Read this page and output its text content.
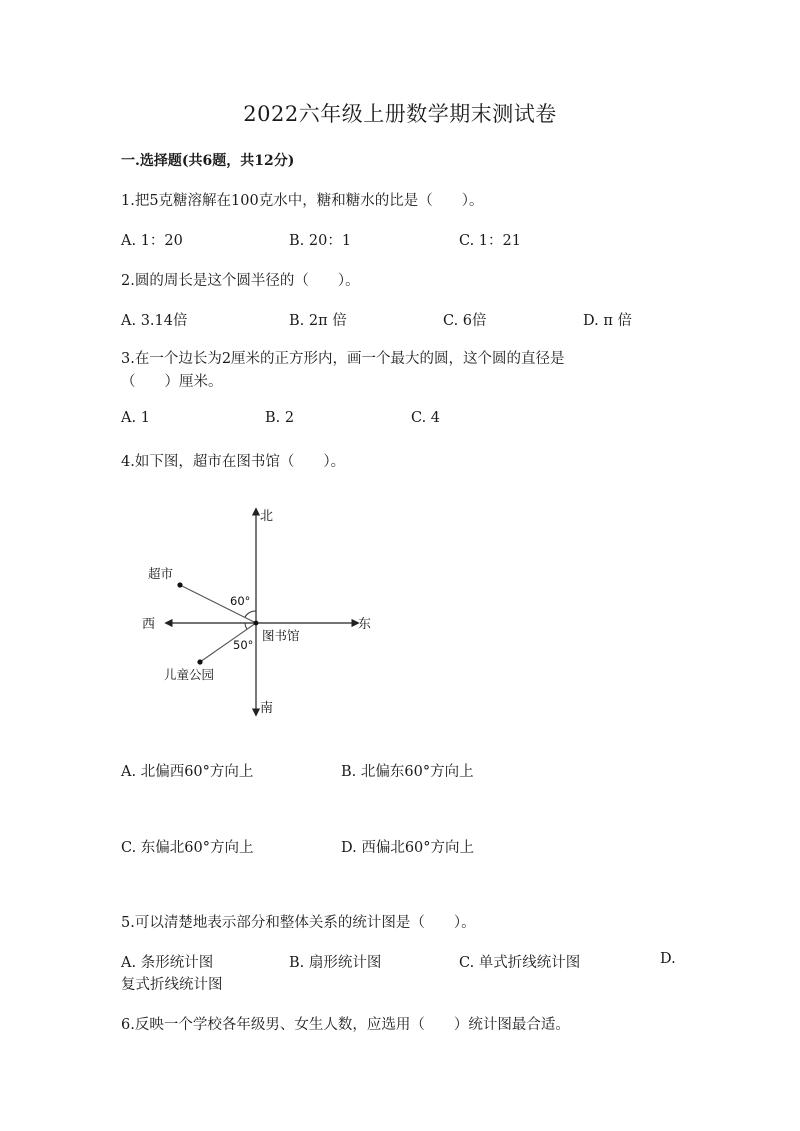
2022六年级上册数学期末测试卷
一.选择题(共6题，共12分)
1.把5克糖溶解在100克水中，糖和糖水的比是（　　）。
A. 1：20	B. 20：1	C. 1：21
2.圆的周长是这个圆半径的（　　）。
A. 3.14倍	B. 2π 倍	C. 6倍	D. π 倍
3.在一个边长为2厘米的正方形内，画一个最大的圆，这个圆的直径是
（　　）厘米。
A. 1	B. 2	C. 4
4.如下图，超市在图书馆（　　）。
北
南
东
西
图书馆
超市
儿童公园
60°
50°
A. 北偏西60°方向上	B. 北偏东60°方向上
C. 东偏北60°方向上	D. 西偏北60°方向上
5.可以清楚地表示部分和整体关系的统计图是（　　）。
A. 条形统计图	B. 扇形统计图	C. 单式折线统计图	D.
复式折线统计图
6.反映一个学校各年级男、女生人数，应选用（　　）统计图最合适。
